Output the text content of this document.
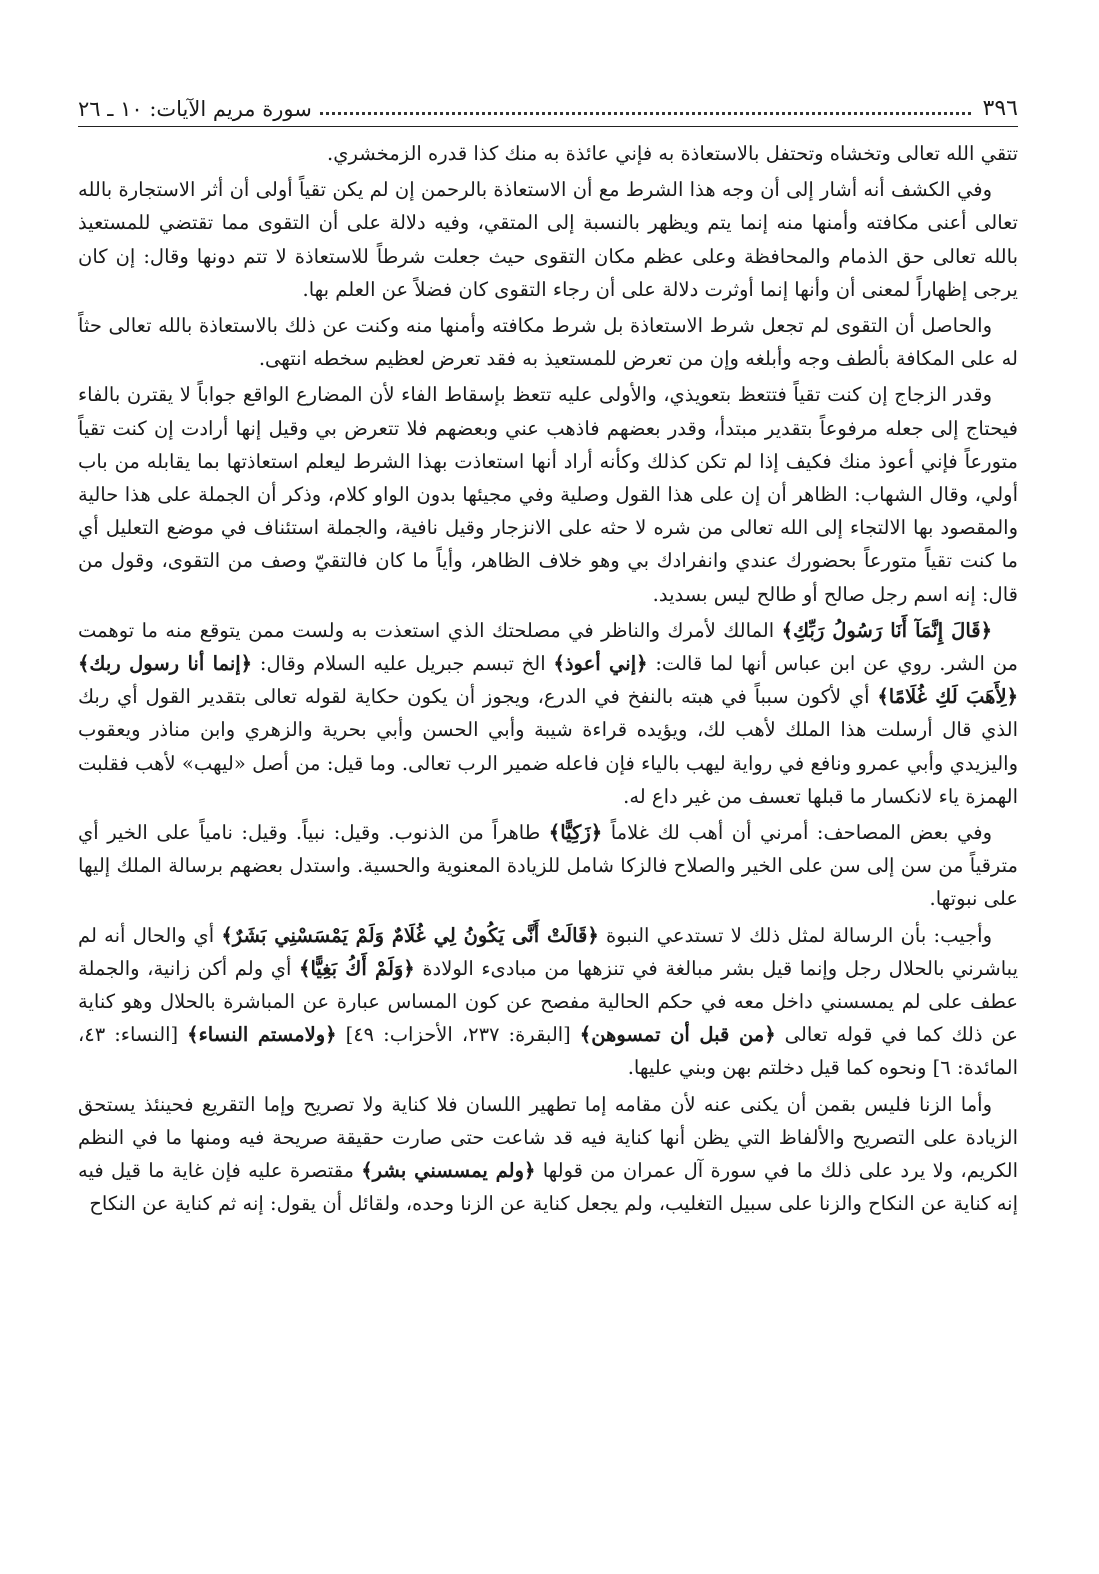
٣٩٦
سورة مريم الآيات: ١٠ ـ ٢٦

تتقي الله تعالى وتخشاه وتحتفل بالاستعاذة به فإني عائذة به منك كذا قدره الزمخشري.

وفي الكشف أنه أشار إلى أن وجه هذا الشرط مع أن الاستعاذة بالرحمن إن لم يكن تقياً أولى أن أثر الاستجارة بالله تعالى أعنى مكافته وأمنها منه إنما يتم ويظهر بالنسبة إلى المتقي، وفيه دلالة على أن التقوى مما تقتضي للمستعيذ بالله تعالى حق الذمام والمحافظة وعلى عظم مكان التقوى حيث جعلت شرطاً للاستعاذة لا تتم دونها وقال: إن كان يرجى إظهاراً لمعنى أن وأنها إنما أوثرت دلالة على أن رجاء التقوى كان فضلاً عن العلم بها.

والحاصل أن التقوى لم تجعل شرط الاستعاذة بل شرط مكافته وأمنها منه وكنت عن ذلك بالاستعاذة بالله تعالى حثاً له على المكافة بألطف وجه وأبلغه وإن من تعرض للمستعيذ به فقد تعرض لعظيم سخطه انتهى.

وقدر الزجاج إن كنت تقياً فتتعظ بتعويذي، والأولى عليه تتعظ بإسقاط الفاء لأن المضارع الواقع جواباً لا يقترن بالفاء فيحتاج إلى جعله مرفوعاً بتقدير مبتدأ، وقدر بعضهم فاذهب عني وبعضهم فلا تتعرض بي وقيل إنها أرادت إن كنت تقياً متورعاً فإني أعوذ منك فكيف إذا لم تكن كذلك وكأنه أراد أنها استعاذت بهذا الشرط ليعلم استعاذتها بما يقابله من باب أولي، وقال الشهاب: الظاهر أن إن على هذا القول وصلية وفي مجيئها بدون الواو كلام، وذكر أن الجملة على هذا حالية والمقصود بها الالتجاء إلى الله تعالى من شره لا حثه على الانزجار وقيل نافية، والجملة استئناف في موضع التعليل أي ما كنت تقياً متورعاً بحضورك عندي وانفرادك بي وهو خلاف الظاهر، وأياً ما كان فالتقيّ وصف من التقوى، وقول من قال: إنه اسم رجل صالح أو طالح ليس بسديد.

﴿قَالَ إِنَّمَآ أَنَا رَسُولُ رَبِّكِ﴾ المالك لأمرك والناظر في مصلحتك الذي استعذت به ولست ممن يتوقع منه ما توهمت من الشر. روي عن ابن عباس أنها لما قالت: ﴿إني أعوذ﴾ الخ تبسم جبريل عليه السلام وقال: ﴿إنما أنا رسول ربك﴾ ﴿لِأَهَبَ لَكِ غُلَامًا﴾ أي لأكون سبباً في هبته بالنفخ في الدرع، ويجوز أن يكون حكاية لقوله تعالى بتقدير القول أي ربك الذي قال أرسلت هذا الملك لأهب لك، ويؤيده قراءة شيبة وأبي الحسن وأبي بحرية والزهري وابن مناذر ويعقوب واليزيدي وأبي عمرو ونافع في رواية ليهب بالياء فإن فاعله ضمير الرب تعالى. وما قيل: من أصل «ليهب» لأهب فقلبت الهمزة ياء لانكسار ما قبلها تعسف من غير داع له.

وفي بعض المصاحف: أمرني أن أهب لك غلاماً ﴿زَكِيًّا﴾ طاهراً من الذنوب. وقيل: نبياً. وقيل: نامياً على الخير أي مترقياً من سن إلى سن على الخير والصلاح فالزكا شامل للزيادة المعنوية والحسية. واستدل بعضهم برسالة الملك إليها على نبوتها.

وأجيب: بأن الرسالة لمثل ذلك لا تستدعي النبوة ﴿قَالَتْ أَنَّى يَكُونُ لِي غُلَامٌ وَلَمْ يَمْسَسْنِي بَشَرٌ﴾ أي والحال أنه لم يباشرني بالحلال رجل وإنما قيل بشر مبالغة في تنزهها من مبادىء الولادة ﴿وَلَمْ أَكُ بَغِيًّا﴾ أي ولم أكن زانية، والجملة عطف على لم يمسسني داخل معه في حكم الحالية مفصح عن كون المساس عبارة عن المباشرة بالحلال وهو كناية عن ذلك كما في قوله تعالى ﴿من قبل أن تمسوهن﴾ [البقرة: ٢٣٧، الأحزاب: ٤٩] ﴿ولامستم النساء﴾ [النساء: ٤٣، المائدة: ٦] ونحوه كما قيل دخلتم بهن وبني عليها.

وأما الزنا فليس بقمن أن يكنى عنه لأن مقامه إما تطهير اللسان فلا كناية ولا تصريح وإما التقريع فحينئذ يستحق الزيادة على التصريح والألفاظ التي يظن أنها كناية فيه قد شاعت حتى صارت حقيقة صريحة فيه ومنها ما في النظم الكريم، ولا يرد على ذلك ما في سورة آل عمران من قولها ﴿ولم يمسسني بشر﴾ مقتصرة عليه فإن غاية ما قيل فيه إنه كناية عن النكاح والزنا على سبيل التغليب، ولم يجعل كناية عن الزنا وحده، ولقائل أن يقول: إنه ثم كناية عن النكاح
